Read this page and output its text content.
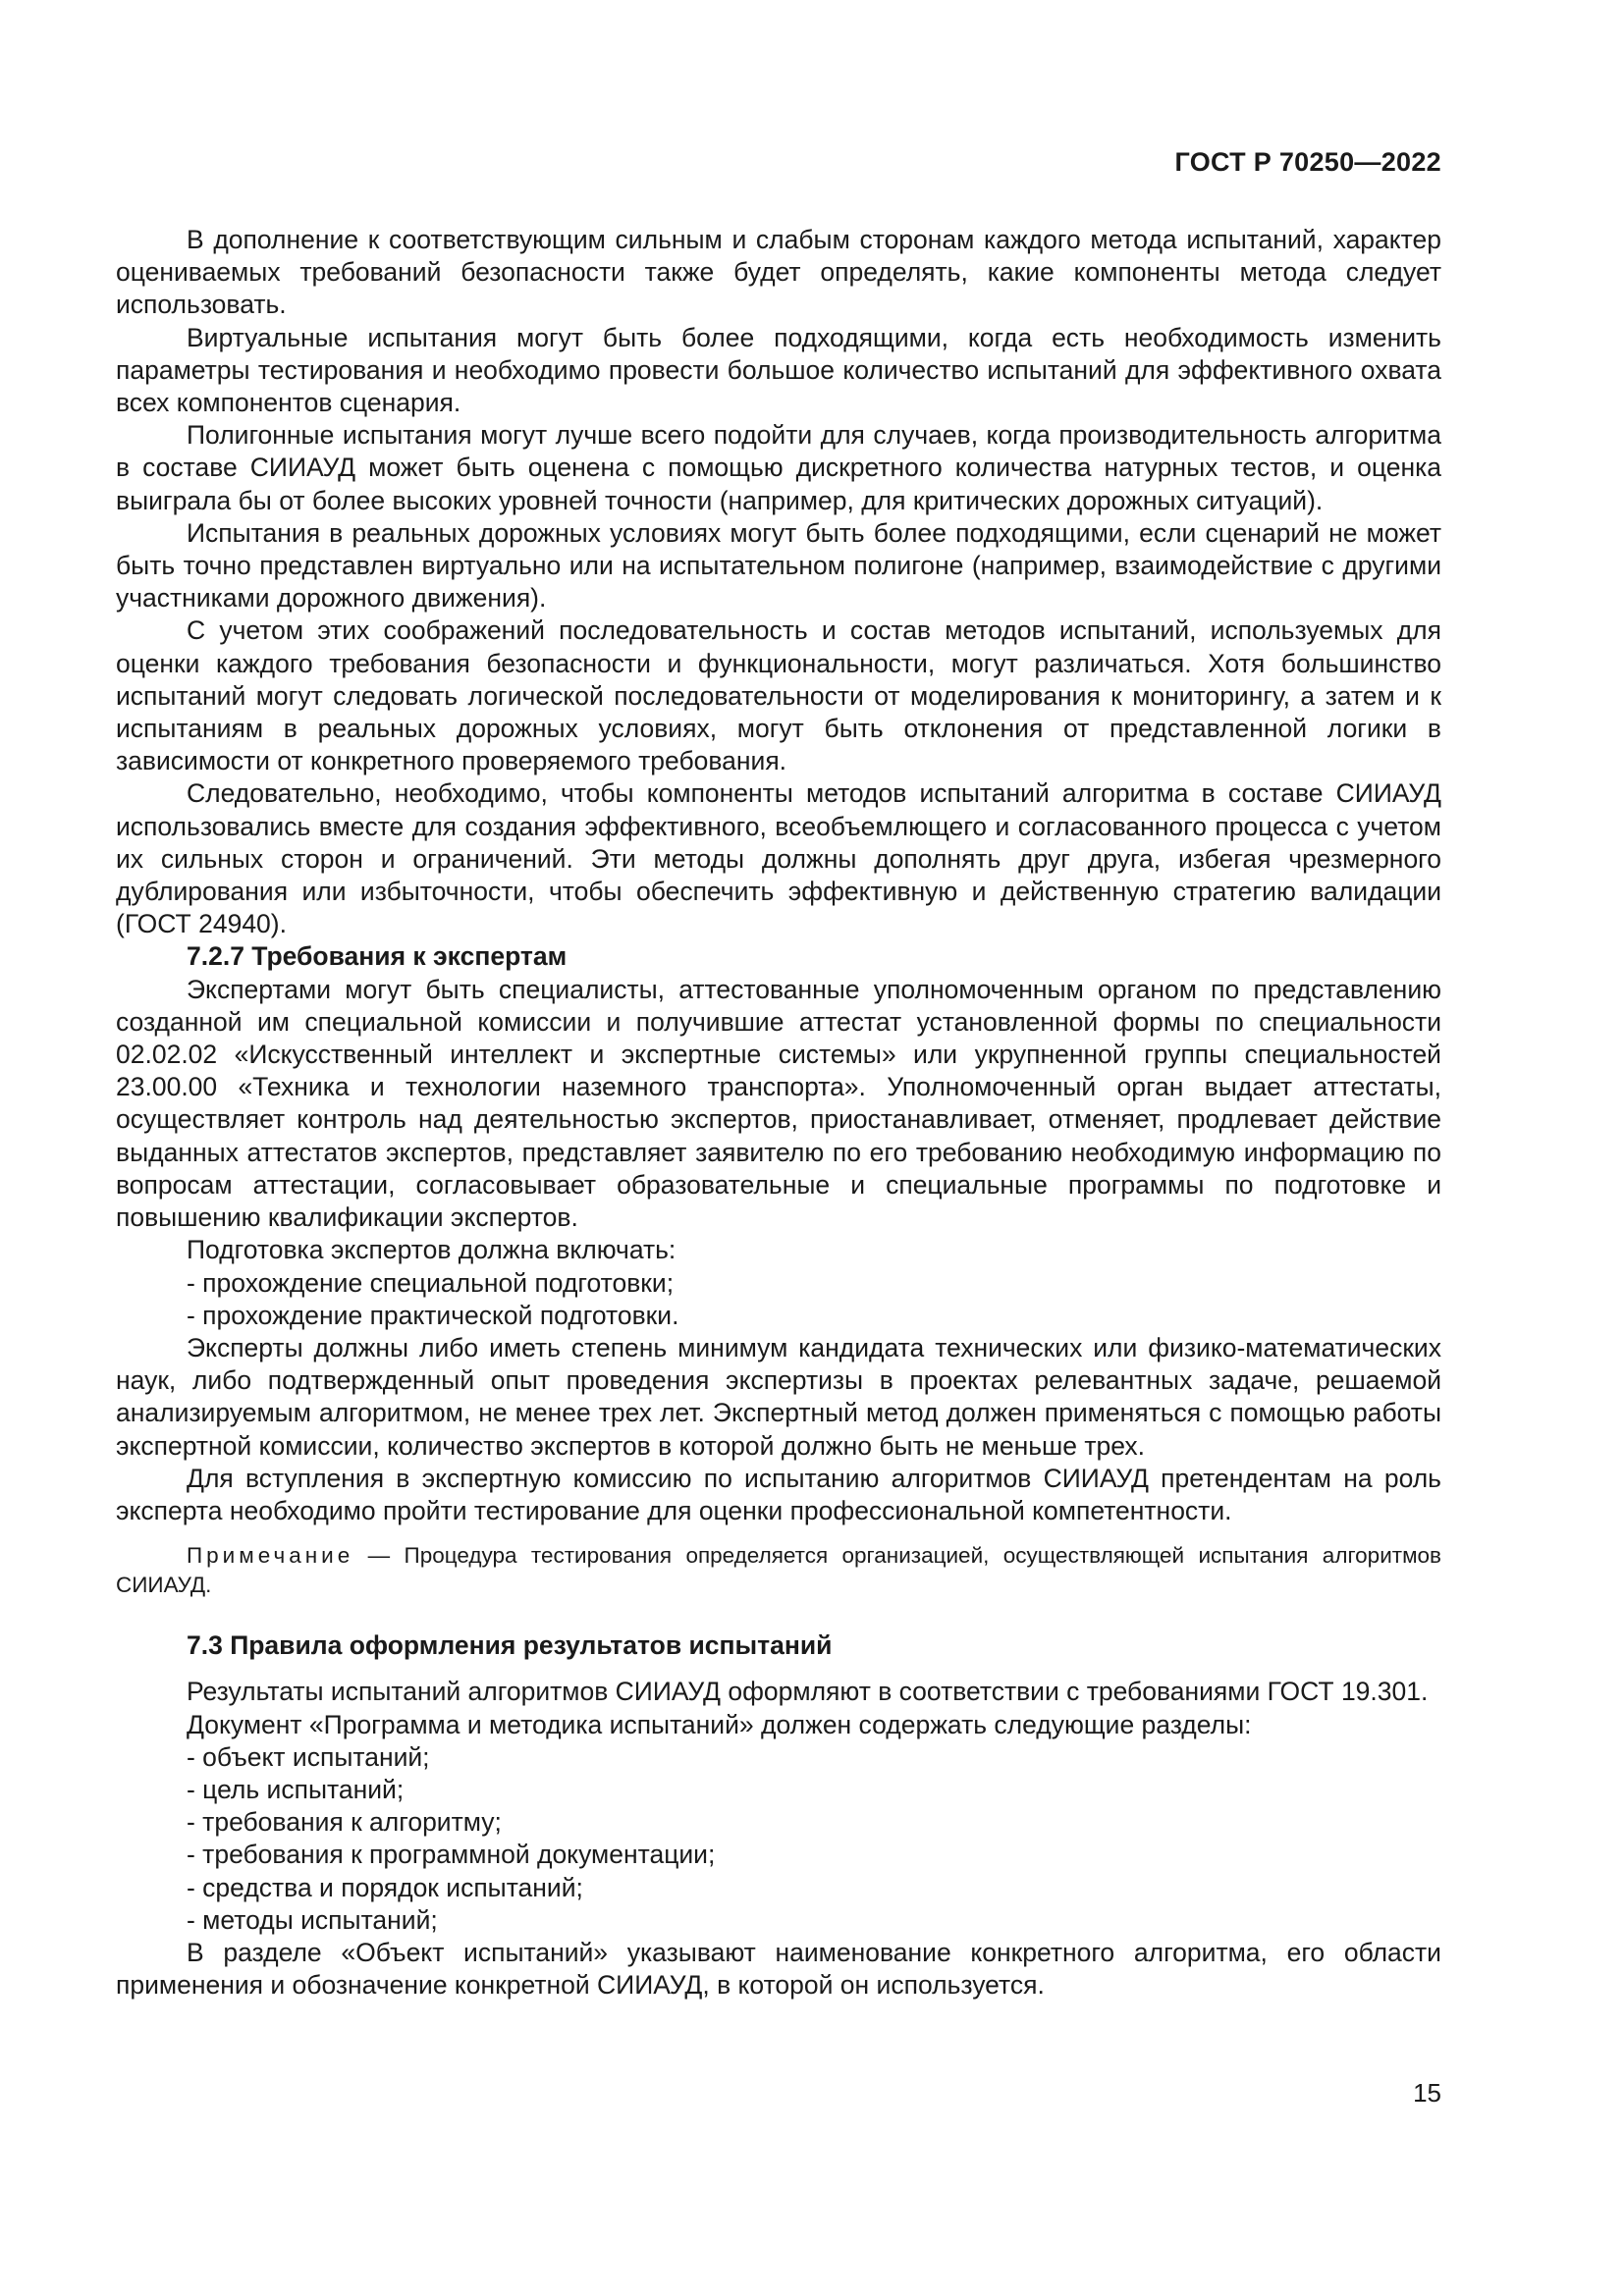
ГОСТ Р 70250—2022

В дополнение к соответствующим сильным и слабым сторонам каждого метода испытаний, характер оцениваемых требований безопасности также будет определять, какие компоненты метода следует использовать.

Виртуальные испытания могут быть более подходящими, когда есть необходимость изменить параметры тестирования и необходимо провести большое количество испытаний для эффективного охвата всех компонентов сценария.

Полигонные испытания могут лучше всего подойти для случаев, когда производительность алгоритма в составе СИИАУД может быть оценена с помощью дискретного количества натурных тестов, и оценка выиграла бы от более высоких уровней точности (например, для критических дорожных ситуаций).

Испытания в реальных дорожных условиях могут быть более подходящими, если сценарий не может быть точно представлен виртуально или на испытательном полигоне (например, взаимодействие с другими участниками дорожного движения).

С учетом этих соображений последовательность и состав методов испытаний, используемых для оценки каждого требования безопасности и функциональности, могут различаться. Хотя большинство испытаний могут следовать логической последовательности от моделирования к мониторингу, а затем и к испытаниям в реальных дорожных условиях, могут быть отклонения от представленной логики в зависимости от конкретного проверяемого требования.

Следовательно, необходимо, чтобы компоненты методов испытаний алгоритма в составе СИИАУД использовались вместе для создания эффективного, всеобъемлющего и согласованного процесса с учетом их сильных сторон и ограничений. Эти методы должны дополнять друг друга, избегая чрезмерного дублирования или избыточности, чтобы обеспечить эффективную и действенную стратегию валидации (ГОСТ 24940).

7.2.7 Требования к экспертам

Экспертами могут быть специалисты, аттестованные уполномоченным органом по представлению созданной им специальной комиссии и получившие аттестат установленной формы по специальности 02.02.02 «Искусственный интеллект и экспертные системы» или укрупненной группы специальностей 23.00.00 «Техника и технологии наземного транспорта». Уполномоченный орган выдает аттестаты, осуществляет контроль над деятельностью экспертов, приостанавливает, отменяет, продлевает действие выданных аттестатов экспертов, представляет заявителю по его требованию необходимую информацию по вопросам аттестации, согласовывает образовательные и специальные программы по подготовке и повышению квалификации экспертов.

Подготовка экспертов должна включать:

- прохождение специальной подготовки;

- прохождение практической подготовки.

Эксперты должны либо иметь степень минимум кандидата технических или физико-математических наук, либо подтвержденный опыт проведения экспертизы в проектах релевантных задаче, решаемой анализируемым алгоритмом, не менее трех лет. Экспертный метод должен применяться с помощью работы экспертной комиссии, количество экспертов в которой должно быть не меньше трех.

Для вступления в экспертную комиссию по испытанию алгоритмов СИИАУД претендентам на роль эксперта необходимо пройти тестирование для оценки профессиональной компетентности.

Примечание — Процедура тестирования определяется организацией, осуществляющей испытания алгоритмов СИИАУД.

7.3 Правила оформления результатов испытаний

Результаты испытаний алгоритмов СИИАУД оформляют в соответствии с требованиями ГОСТ 19.301.

Документ «Программа и методика испытаний» должен содержать следующие разделы:

- объект испытаний;

- цель испытаний;

- требования к алгоритму;

- требования к программной документации;

- средства и порядок испытаний;

- методы испытаний;

В разделе «Объект испытаний» указывают наименование конкретного алгоритма, его области применения и обозначение конкретной СИИАУД, в которой он используется.

15
